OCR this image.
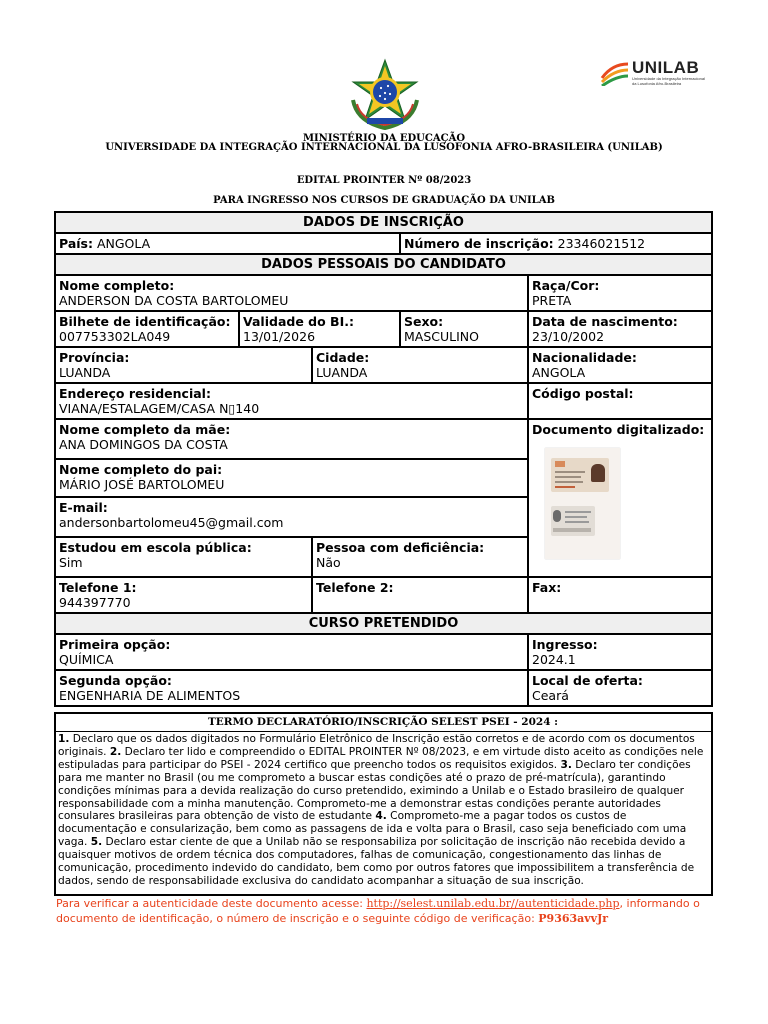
UNILAB
Universidade da Integração Internacional
da Lusofonia Afro-Brasileira
MINISTÉRIO DA EDUCAÇÃO
UNIVERSIDADE DA INTEGRAÇÃO INTERNACIONAL DA LUSOFONIA AFRO-BRASILEIRA (UNILAB)
EDITAL PROINTER Nº 08/2023
PARA INGRESSO NOS CURSOS DE GRADUAÇÃO DA UNILAB
DADOS DE INSCRIÇÃO
País: ANGOLA	Número de inscrição: 23346021512
DADOS PESSOAIS DO CANDIDATO
Nome completo:
ANDERSON DA COSTA BARTOLOMEU
Raça/Cor:
PRETA
Bilhete de identificação:
007753302LA049
Validade do BI.:
13/01/2026
Sexo:
MASCULINO
Data de nascimento:
23/10/2002
Província:
LUANDA
Cidade:
LUANDA
Nacionalidade:
ANGOLA
Endereço residencial:
VIANA/ESTALAGEM/CASA N▯140
Código postal:
Nome completo da mãe:
ANA DOMINGOS DA COSTA
Documento digitalizado:
Nome completo do pai:
MÁRIO JOSÉ BARTOLOMEU
E-mail:
andersonbartolomeu45@gmail.com
Estudou em escola pública:
Sim
Pessoa com deficiência:
Não
Telefone 1:
944397770
Telefone 2:	Fax:
CURSO PRETENDIDO
Primeira opção:
QUÍMICA
Ingresso:
2024.1
Segunda opção:
ENGENHARIA DE ALIMENTOS
Local de oferta:
Ceará
TERMO DECLARATÓRIO/INSCRIÇÃO SELEST PSEI - 2024 :
1. Declaro que os dados digitados no Formulário Eletrônico de Inscrição estão corretos e de acordo com os documentos originais. 2. Declaro ter lido e compreendido o EDITAL PROINTER Nº 08/2023, e em virtude disto aceito as condições nele estipuladas para participar do PSEI - 2024 certifico que preencho todos os requisitos exigidos. 3. Declaro ter condições para me manter no Brasil (ou me comprometo a buscar estas condições até o prazo de pré-matrícula), garantindo condições mínimas para a devida realização do curso pretendido, eximindo a Unilab e o Estado brasileiro de qualquer responsabilidade com a minha manutenção. Comprometo-me a demonstrar estas condições perante autoridades consulares brasileiras para obtenção de visto de estudante 4. Comprometo-me a pagar todos os custos de documentação e consularização, bem como as passagens de ida e volta para o Brasil, caso seja beneficiado com uma vaga. 5. Declaro estar ciente de que a Unilab não se responsabiliza por solicitação de inscrição não recebida devido a quaisquer motivos de ordem técnica dos computadores, falhas de comunicação, congestionamento das linhas de comunicação, procedimento indevido do candidato, bem como por outros fatores que impossibilitem a transferência de dados, sendo de responsabilidade exclusiva do candidato acompanhar a situação de sua inscrição.
Para verificar a autenticidade deste documento acesse: http://selest.unilab.edu.br//autenticidade.php, informando o documento de identificação, o número de inscrição e o seguinte código de verificação: P9363avvJr
